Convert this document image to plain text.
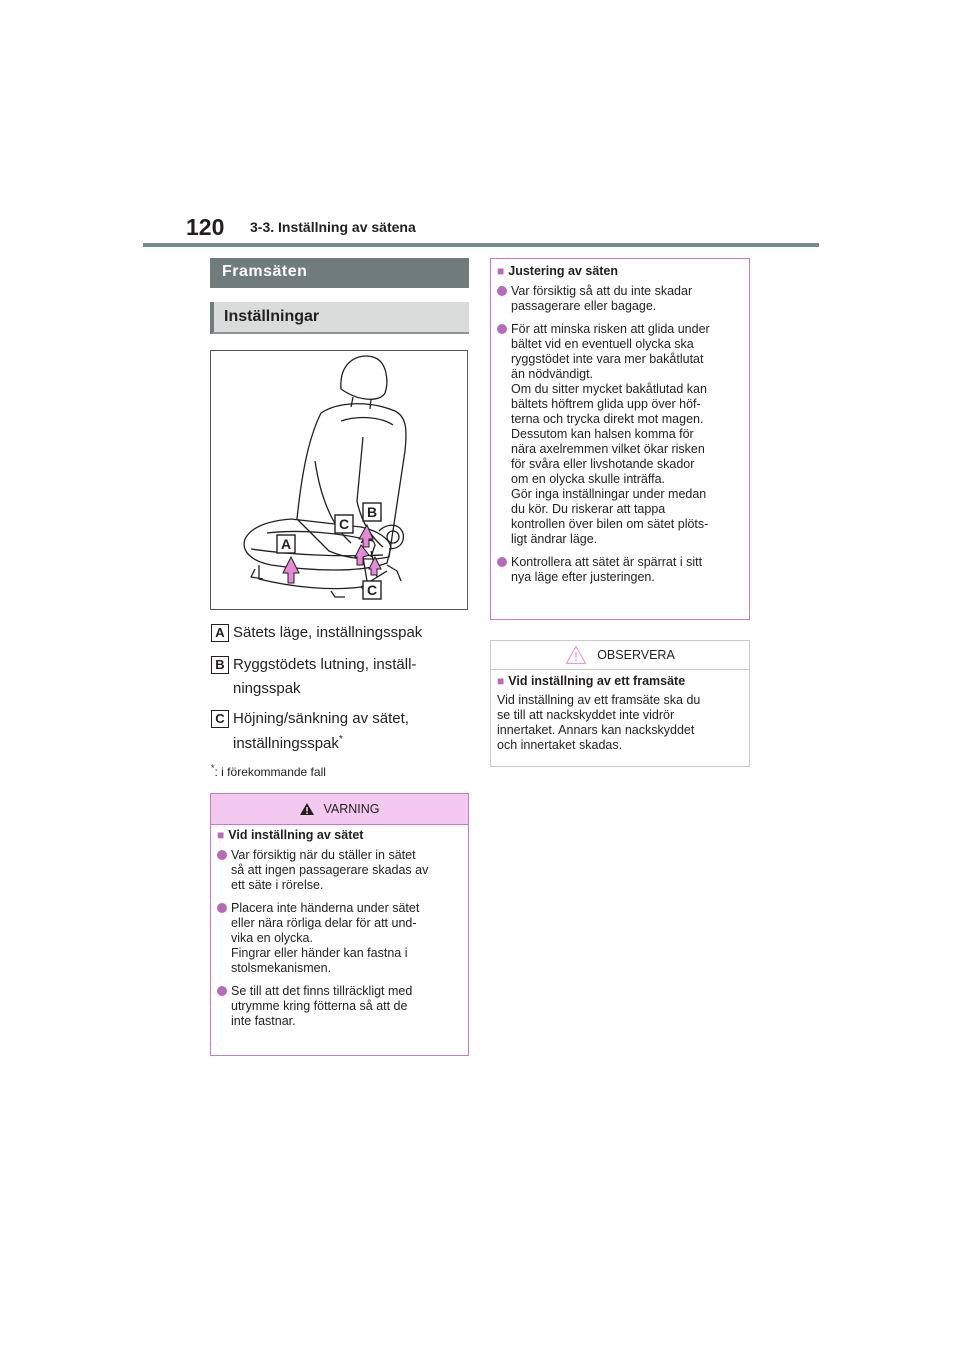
120 3-3. Inställning av sätena
Framsäten
Inställningar
A
B
C
C
A Sätets läge, inställningsspak
B Ryggstödets lutning, inställ-
ningsspak
C Höjning/sänkning av sätet,
inställningsspak*
*: i förekommande fall
VARNING
■ Vid inställning av sätet
Var försiktig när du ställer in sätet
så att ingen passagerare skadas av
ett säte i rörelse.
Placera inte händerna under sätet
eller nära rörliga delar för att und-
vika en olycka.
Fingrar eller händer kan fastna i
stolsmekanismen.
Se till att det finns tillräckligt med
utrymme kring fötterna så att de
inte fastnar.
■ Justering av säten
Var försiktig så att du inte skadar
passagerare eller bagage.
För att minska risken att glida under
bältet vid en eventuell olycka ska
ryggstödet inte vara mer bakåtlutat
än nödvändigt.
Om du sitter mycket bakåtlutad kan
bältets höftrem glida upp över höf-
terna och trycka direkt mot magen.
Dessutom kan halsen komma för
nära axelremmen vilket ökar risken
för svåra eller livshotande skador
om en olycka skulle inträffa.
Gör inga inställningar under medan
du kör. Du riskerar att tappa
kontrollen över bilen om sätet plöts-
ligt ändrar läge.
Kontrollera att sätet är spärrat i sitt
nya läge efter justeringen.
OBSERVERA
■ Vid inställning av ett framsäte
Vid inställning av ett framsäte ska du
se till att nackskyddet inte vidrör
innertaket. Annars kan nackskyddet
och innertaket skadas.
